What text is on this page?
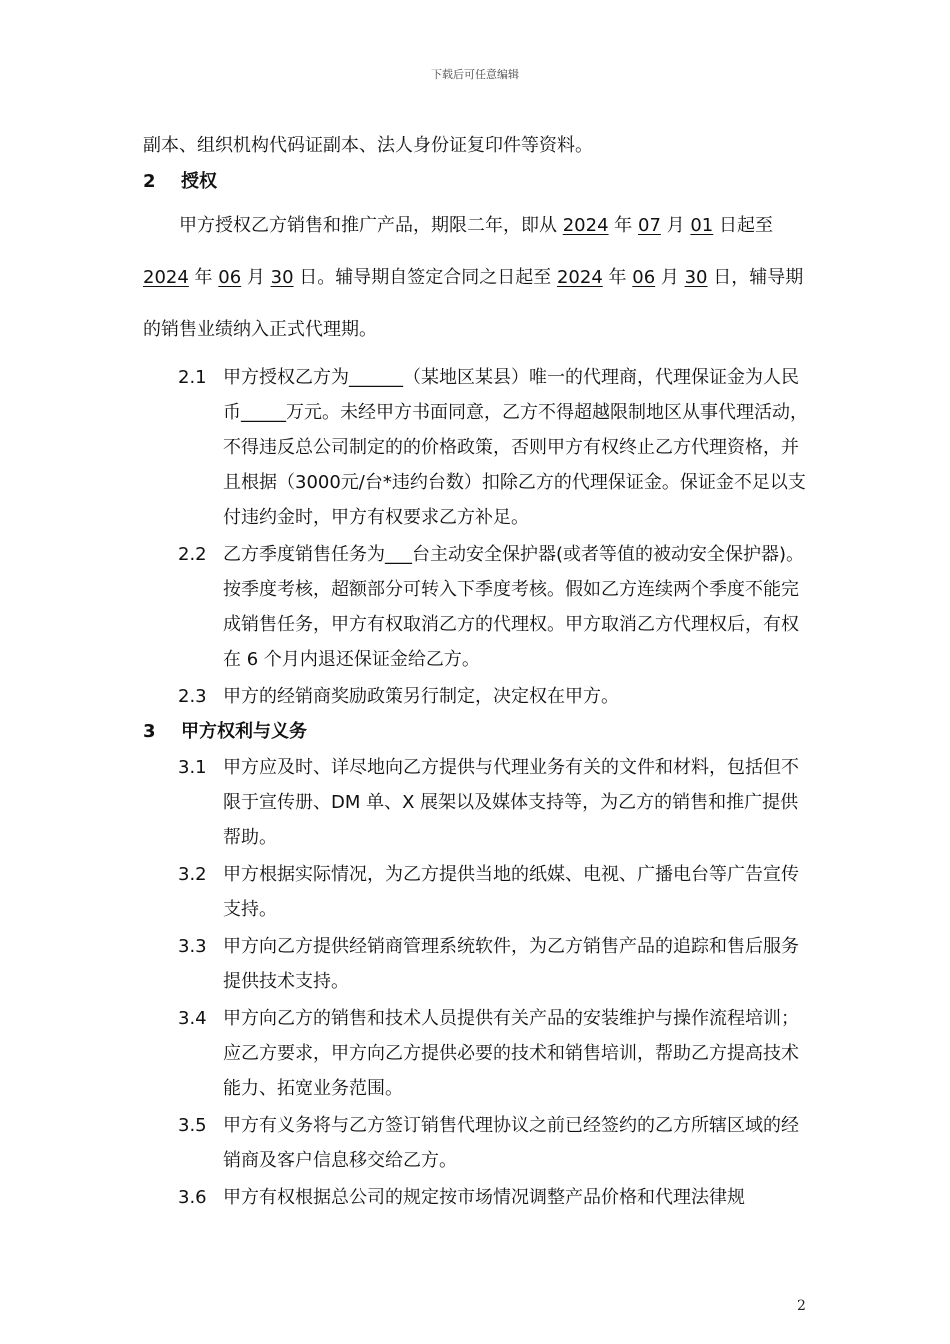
下载后可任意编辑

副本、组织机构代码证副本、法人身份证复印件等资料。

2 授权

甲方授权乙方销售和推广产品，期限二年，即从 2024 年 07 月 01 日起至 2024 年 06 月 30 日。辅导期自签定合同之日起至 2024 年 06 月 30 日，辅导期的销售业绩纳入正式代理期。

2.1 甲方授权乙方为______（某地区某县）唯一的代理商，代理保证金为人民币_____万元。未经甲方书面同意，乙方不得超越限制地区从事代理活动，不得违反总公司制定的的价格政策，否则甲方有权终止乙方代理资格，并且根据（3000元/台*违约台数）扣除乙方的代理保证金。保证金不足以支付违约金时，甲方有权要求乙方补足。

2.2 乙方季度销售任务为___台主动安全保护器(或者等值的被动安全保护器)。按季度考核，超额部分可转入下季度考核。假如乙方连续两个季度不能完成销售任务，甲方有权取消乙方的代理权。甲方取消乙方代理权后，有权在 6 个月内退还保证金给乙方。

2.3 甲方的经销商奖励政策另行制定，决定权在甲方。

3 甲方权利与义务

3.1 甲方应及时、详尽地向乙方提供与代理业务有关的文件和材料，包括但不限于宣传册、DM 单、X 展架以及媒体支持等，为乙方的销售和推广提供帮助。

3.2 甲方根据实际情况，为乙方提供当地的纸媒、电视、广播电台等广告宣传支持。

3.3 甲方向乙方提供经销商管理系统软件，为乙方销售产品的追踪和售后服务提供技术支持。

3.4 甲方向乙方的销售和技术人员提供有关产品的安装维护与操作流程培训；应乙方要求，甲方向乙方提供必要的技术和销售培训，帮助乙方提高技术能力、拓宽业务范围。

3.5 甲方有义务将与乙方签订销售代理协议之前已经签约的乙方所辖区域的经销商及客户信息移交给乙方。

3.6 甲方有权根据总公司的规定按市场情况调整产品价格和代理法律规

2
